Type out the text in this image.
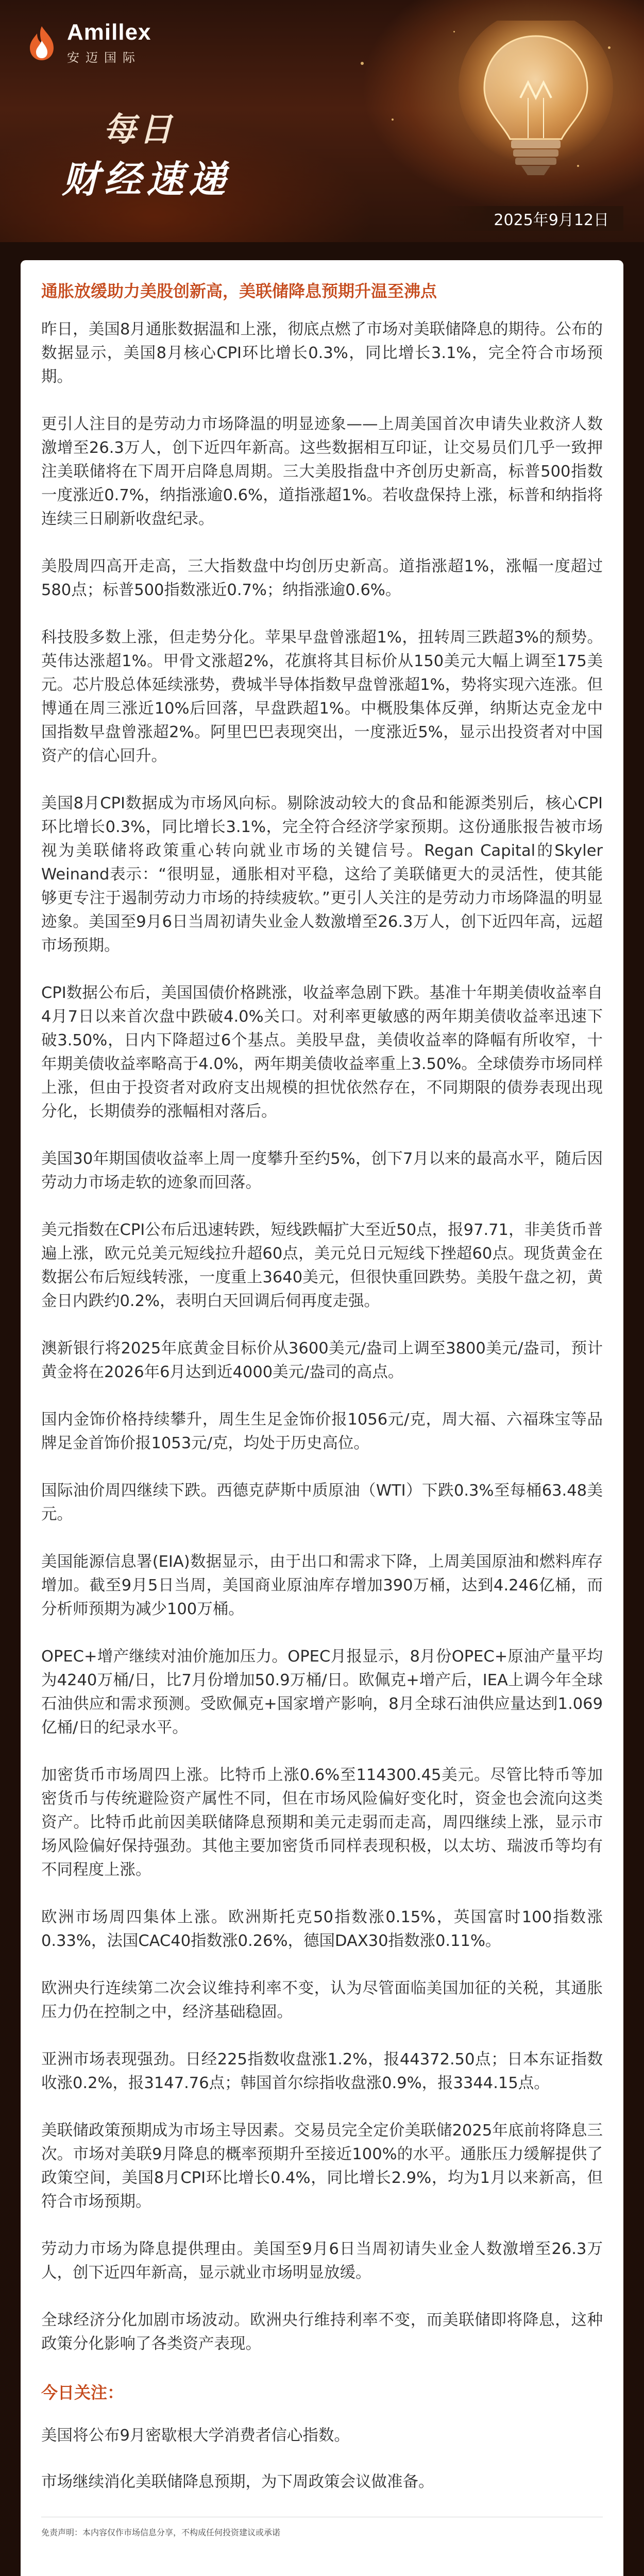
Amillex
安迈国际
每日
财经速递
2025年9月12日
通胀放缓助力美股创新高，美联储降息预期升温至沸点

昨日，美国8月通胀数据温和上涨，彻底点燃了市场对美联储降息的期待。公布的数据显示，美国8月核心CPI环比增长0.3%，同比增长3.1%，完全符合市场预期。

更引人注目的是劳动力市场降温的明显迹象——上周美国首次申请失业救济人数激增至26.3万人，创下近四年新高。这些数据相互印证，让交易员们几乎一致押注美联储将在下周开启降息周期。三大美股指盘中齐创历史新高，标普500指数一度涨近0.7%，纳指涨逾0.6%，道指涨超1%。若收盘保持上涨，标普和纳指将连续三日刷新收盘纪录。

美股周四高开走高，三大指数盘中均创历史新高。道指涨超1%，涨幅一度超过580点；标普500指数涨近0.7%；纳指涨逾0.6%。

科技股多数上涨，但走势分化。苹果早盘曾涨超1%，扭转周三跌超3%的颓势。英伟达涨超1%。甲骨文涨超2%，花旗将其目标价从150美元大幅上调至175美元。芯片股总体延续涨势，费城半导体指数早盘曾涨超1%，势将实现六连涨。但博通在周三涨近10%后回落，早盘跌超1%。中概股集体反弹，纳斯达克金龙中国指数早盘曾涨超2%。阿里巴巴表现突出，一度涨近5%，显示出投资者对中国资产的信心回升。

美国8月CPI数据成为市场风向标。剔除波动较大的食品和能源类别后，核心CPI环比增长0.3%，同比增长3.1%，完全符合经济学家预期。这份通胀报告被市场视为美联储将政策重心转向就业市场的关键信号。Regan Capital的Skyler Weinand表示：“很明显，通胀相对平稳，这给了美联储更大的灵活性，使其能够更专注于遏制劳动力市场的持续疲软。”更引人关注的是劳动力市场降温的明显迹象。美国至9月6日当周初请失业金人数激增至26.3万人，创下近四年高，远超市场预期。

CPI数据公布后，美国国债价格跳涨，收益率急剧下跌。基准十年期美债收益率自4月7日以来首次盘中跌破4.0%关口。对利率更敏感的两年期美债收益率迅速下破3.50%，日内下降超过6个基点。美股早盘，美债收益率的降幅有所收窄，十年期美债收益率略高于4.0%，两年期美债收益率重上3.50%。全球债券市场同样上涨，但由于投资者对政府支出规模的担忧依然存在，不同期限的债券表现出现分化，长期债券的涨幅相对落后。

美国30年期国债收益率上周一度攀升至约5%，创下7月以来的最高水平，随后因劳动力市场走软的迹象而回落。

美元指数在CPI公布后迅速转跌，短线跌幅扩大至近50点，报97.71，非美货币普遍上涨，欧元兑美元短线拉升超60点，美元兑日元短线下挫超60点。现货黄金在数据公布后短线转涨，一度重上3640美元，但很快重回跌势。美股午盘之初，黄金日内跌约0.2%，表明白天回调后伺再度走强。

澳新银行将2025年底黄金目标价从3600美元/盎司上调至3800美元/盎司，预计黄金将在2026年6月达到近4000美元/盎司的高点。

国内金饰价格持续攀升，周生生足金饰价报1056元/克，周大福、六福珠宝等品牌足金首饰价报1053元/克，均处于历史高位。

国际油价周四继续下跌。西德克萨斯中质原油（WTI）下跌0.3%至每桶63.48美元。

美国能源信息署(EIA)数据显示，由于出口和需求下降，上周美国原油和燃料库存增加。截至9月5日当周，美国商业原油库存增加390万桶，达到4.246亿桶，而分析师预期为减少100万桶。

OPEC+增产继续对油价施加压力。OPEC月报显示，8月份OPEC+原油产量平均为4240万桶/日，比7月份增加50.9万桶/日。欧佩克+增产后，IEA上调今年全球石油供应和需求预测。受欧佩克+国家增产影响，8月全球石油供应量达到1.069亿桶/日的纪录水平。

加密货币市场周四上涨。比特币上涨0.6%至114300.45美元。尽管比特币等加密货币与传统避险资产属性不同，但在市场风险偏好变化时，资金也会流向这类资产。比特币此前因美联储降息预期和美元走弱而走高，周四继续上涨，显示市场风险偏好保持强劲。其他主要加密货币同样表现积极，以太坊、瑞波币等均有不同程度上涨。

欧洲市场周四集体上涨。欧洲斯托克50指数涨0.15%，英国富时100指数涨0.33%，法国CAC40指数涨0.26%，德国DAX30指数涨0.11%。

欧洲央行连续第二次会议维持利率不变，认为尽管面临美国加征的关税，其通胀压力仍在控制之中，经济基础稳固。

亚洲市场表现强劲。日经225指数收盘涨1.2%，报44372.50点；日本东证指数收涨0.2%，报3147.76点；韩国首尔综指收盘涨0.9%，报3344.15点。

美联储政策预期成为市场主导因素。交易员完全定价美联储2025年底前将降息三次。市场对美联9月降息的概率预期升至接近100%的水平。通胀压力缓解提供了政策空间，美国8月CPI环比增长0.4%，同比增长2.9%，均为1月以来新高，但符合市场预期。

劳动力市场为降息提供理由。美国至9月6日当周初请失业金人数激增至26.3万人，创下近四年新高，显示就业市场明显放缓。

全球经济分化加剧市场波动。欧洲央行维持利率不变，而美联储即将降息，这种政策分化影响了各类资产表现。

今日关注：

美国将公布9月密歇根大学消费者信心指数。

市场继续消化美联储降息预期，为下周政策会议做准备。

免责声明：本内容仅作市场信息分享，不构成任何投资建议或承诺
